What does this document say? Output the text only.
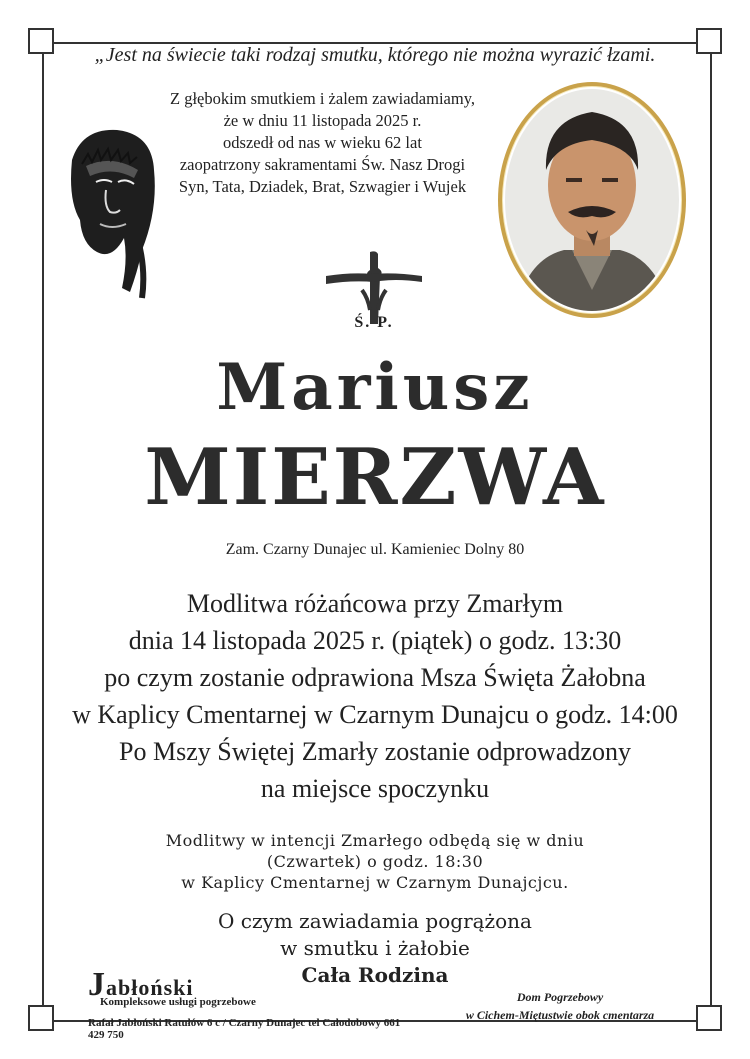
„Jest na świecie taki rodzaj smutku, którego nie można wyrazić łzami.
Z głębokim smutkiem i żalem zawiadamiamy,
że w dniu 11 listopada 2025 r.
odszedł od nas w wieku 62 lat
zaopatrzony sakramentami Św. Nasz Drogi
Syn, Tata, Dziadek, Brat, Szwagier i Wujek
Ś. P.
Mariusz
MIERZWA
Zam. Czarny Dunajec ul. Kamieniec Dolny 80
Modlitwa różańcowa przy Zmarłym
dnia 14 listopada 2025 r. (piątek) o godz. 13:30
po czym zostanie odprawiona Msza Święta Żałobna
w Kaplicy Cmentarnej w Czarnym Dunajcu o godz. 14:00
Po Mszy Świętej Zmarły zostanie odprowadzony
na miejsce spoczynku
Modlitwy w intencji Zmarłego odbędą się w dniu
(Czwartek) o godz. 18:30
w Kaplicy Cmentarnej w Czarnym Dunajcjcu.
O czym zawiadamia pogrążona
w smutku i żałobie
Cała Rodzina
Jabłoński
Kompleksowe usługi pogrzebowe
Rafał Jabłoński Ratułów 6 c / Czarny Dunajec tel Całodobowy 661 429 750
Dom Pogrzebowy
w Cichem-Miętustwie obok cmentarza
